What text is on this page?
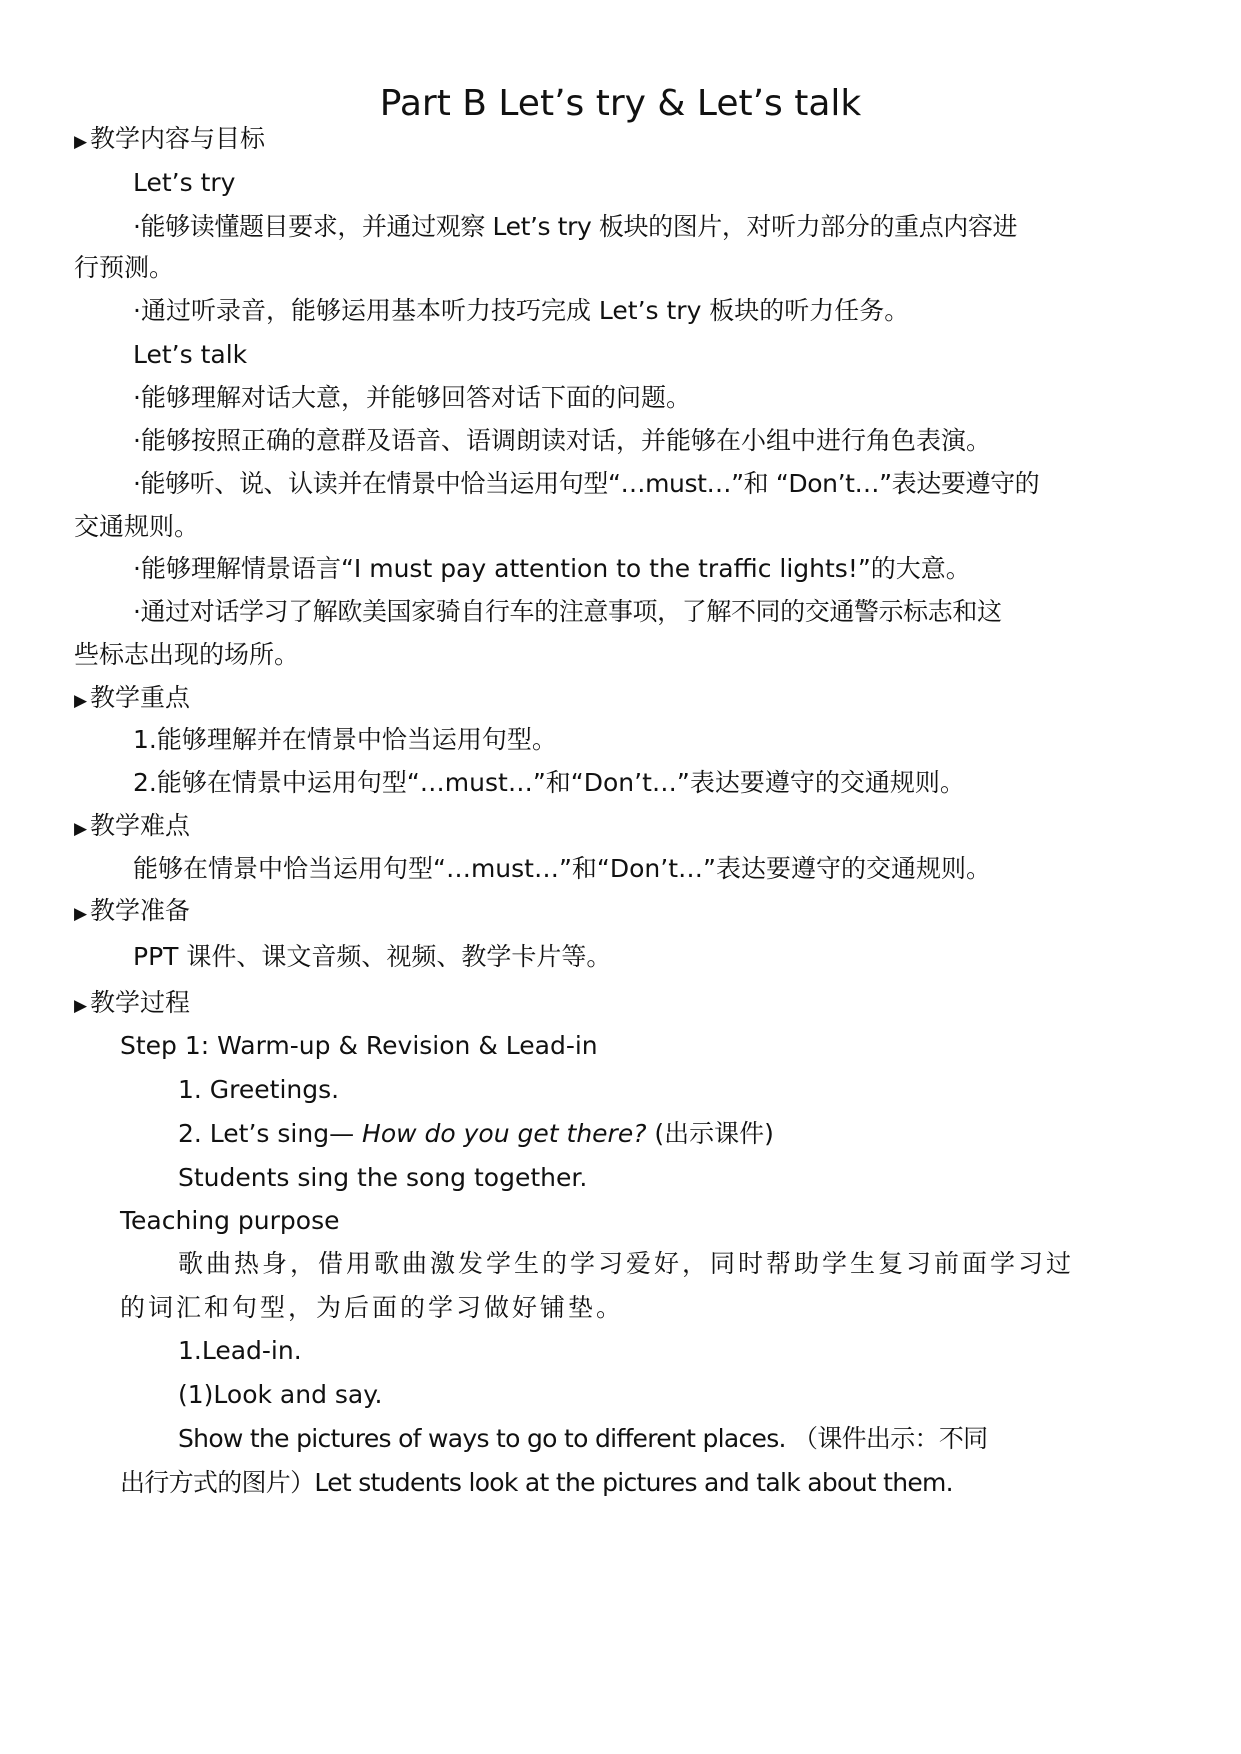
Part B Let’s try & Let’s talk

▶ 教学内容与目标

Let’s try

·能够读懂题目要求，并通过观察 Let’s try 板块的图片，对听力部分的重点内容进

行预测。

·通过听录音，能够运用基本听力技巧完成 Let’s try 板块的听力任务。

Let’s talk

·能够理解对话大意，并能够回答对话下面的问题。

·能够按照正确的意群及语音、语调朗读对话，并能够在小组中进行角色表演。

·能够听、说、认读并在情景中恰当运用句型“…must…”和 “Don’t…”表达要遵守的

交通规则。

·能够理解情景语言“I must pay attention to the traffic lights!”的大意。

·通过对话学习了解欧美国家骑自行车的注意事项，了解不同的交通警示标志和这

些标志出现的场所。

▶ 教学重点

1.能够理解并在情景中恰当运用句型。

2.能够在情景中运用句型“…must…”和“Don’t…”表达要遵守的交通规则。

▶ 教学难点

能够在情景中恰当运用句型“…must…”和“Don’t…”表达要遵守的交通规则。

▶ 教学准备

PPT 课件、课文音频、视频、教学卡片等。

▶ 教学过程

Step 1: Warm-up & Revision & Lead-in

1. Greetings.

2. Let’s sing— How do you get there? (出示课件)

Students sing the song together.

Teaching purpose

歌曲热身，借用歌曲激发学生的学习爱好，同时帮助学生复习前面学习过

的词汇和句型，为后面的学习做好铺垫。

1.Lead-in.

(1)Look and say.

Show the pictures of ways to go to different places. （课件出示：不同

出行方式的图片）Let students look at the pictures and talk about them.
